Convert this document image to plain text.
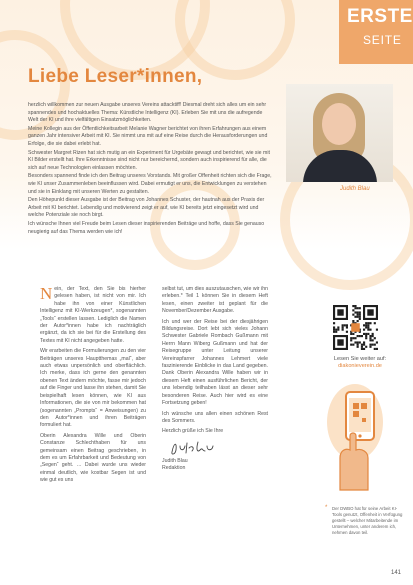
ERSTE
SEITE
Liebe Leser*innen,

herzlich willkommen zur neuen Ausgabe unseres Vereins attacktiff! Diesmal dreht sich alles um ein sehr spannendes und hochaktuelles Thema: Künstliche Intelligenz (KI). Erleben Sie mit uns die aufregende Welt der KI und ihre vielfältigen Einsatzmöglichkeiten.

Meine Kollegin aus der Öffentlichkeitsarbeit Melanie Wagner berichtet von ihren Erfahrungen aus einem ganzen Jahr intensiver Arbeit mit KI. Sie nimmt uns mit auf eine Reise durch die Herausforderungen und Erfolge, die sie dabei erlebt hat.

Schwester Margret Rizen hat sich mutig an ein Experiment für Urgebäte gewagt und berichtet, wie sie mit KI Bilder erstellt hat. Ihre Erkenntnisse sind nicht nur bereichernd, sondern auch inspirierend für alle, die sich auf neue Technologien einlassen möchten.

Besonders spannend finde ich den Beitrag unseres Vorstands. Mit großer Offenheit richten sich die Frage, wie KI unser Zusammenleben beeinflussen wird. Dabei ermutigt er uns, die Entwicklungen zu verstehen und sie in Einklang mit unseren Werten zu gestalten.

Den Höhepunkt dieser Ausgabe ist der Beitrag von Johannes Schuster, der hautnah aus der Praxis der Arbeit mit KI berichtet. Lebendig und motivierend zeigt er auf, wie KI bereits jetzt eingesetzt wird und welche Potenziale sie noch birgt.

Ich wünsche Ihnen viel Freude beim Lesen dieser inspirierenden Beiträge und hoffe, dass Sie genauso neugierig auf das Thema werden wie ich!

Judith Blau

Nein, der Text, den Sie bis hierher gelesen haben, ist nicht von mir. Ich habe ihn von einer Künstlichen Intelligenz mit KI-Werkzeugen*, sogenannten „Tools“ erstellen lassen. Lediglich die Namen der Autor*innen habe ich nachträglich ergänzt, da ich sie bei für die Erstellung des Textes mit KI nicht angegeben hatte.

Wir erarbeiten die Formulierungen zu den vier Beiträgen unseres Hauptthemas „mal“, aber auch etwas unpersönlich und oberflächlich. Ich merke, dass ich gerne den genannten obenen Text ändern möchte, fasse mir jedoch auf die Finger und lasse ihn stehen, damit Sie beispielhaft lesen können, wie KI aus Informationen, die sie von mir bekommen hat (sogenannten „Prompts“ = Anweisungen) zu den Autor*innen und ihren Beiträgen formuliert hat.

Oberin Alexandra Wille und Oberin Constanze Schlechthaben für uns gemeinsam einen Beitrag geschrieben, in dem es um Erfahrbarkeit und Bedeutung von „Segen“ geht. … Dabei wurde uns wieder einmal deutlich, wie kostbar Segen ist und wie gut es uns

selbst tut, um dies auszutauschen, wie wir ihn erleben.* Teil 1 können Sie in diesem Heft lesen, einen zweiter ist geplant für die November/Dezember Ausgabe.

Ich und wer der Reise bei der diesjährigen Bildungsreise. Dort lebt sich vieles Johann Schwester Gabriele Rombach Gußmann mit Herrn Mann Wiberg Gußmann und hat der Reisegruppe unter Leitung unserer Vereinspfarrer Johannes Lehmert viele faszinierende Einblicke in das Land gegeben. Dank Oberin Alexandra Wille haben wir in diesem Heft einen ausführlichen Bericht, der uns lebendig teilhaben lässt an dieser sehr besonderen Reise. Auch hier wird es eine Fortsetzung geben!

Ich wünsche uns allen einen schönen Rest des Sommers.

Herzlich grüße ich Sie Ihre

Judith Blau
Redaktion
Lesen Sie weiter auf:
diakonieverein.de
* Der DWBO hat für seine Arbeit KI-Tools genutzt, Offenheit in Verfügung gestellt – welcher Mitarbeitende im Unternehmen, unter anderem ich, nehmen davon teil.
141
